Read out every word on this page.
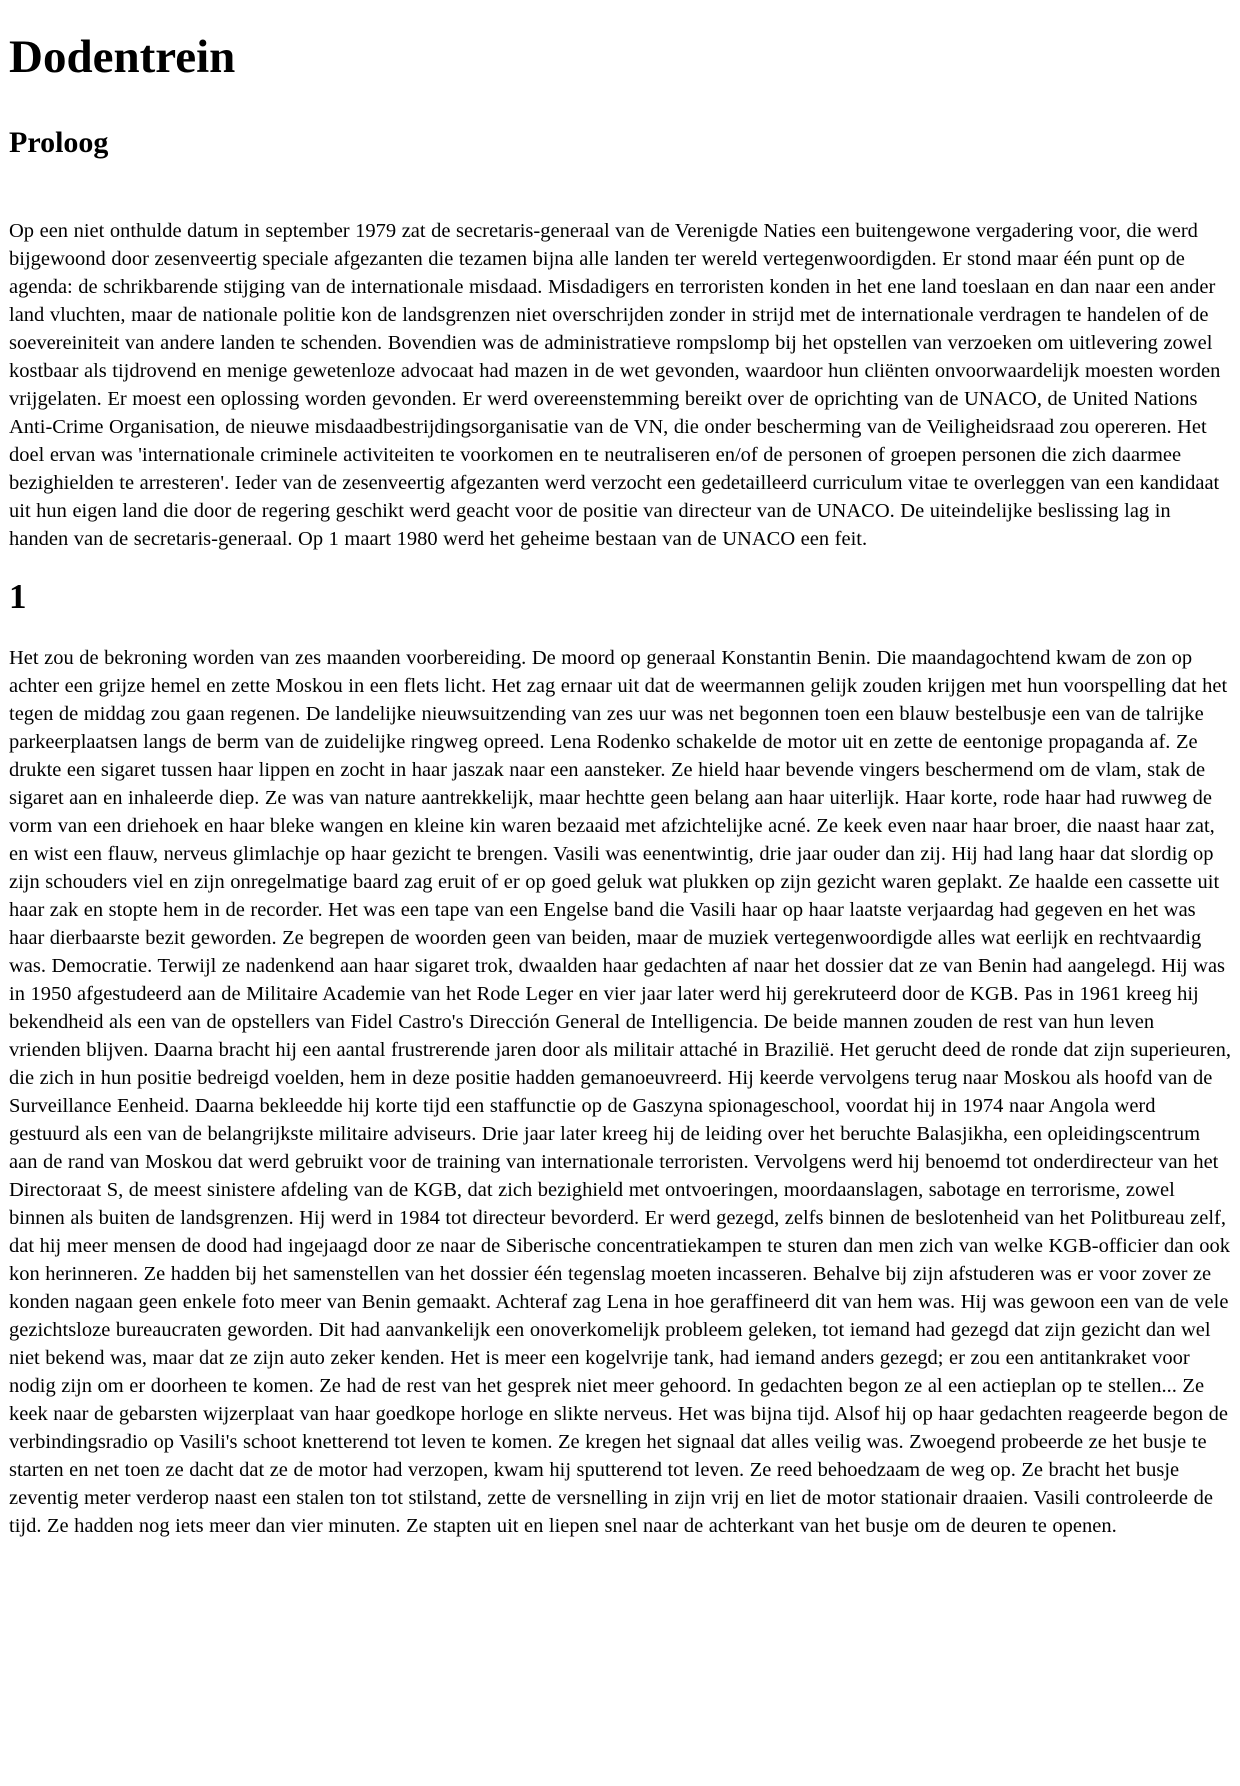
Dodentrein
Proloog

Op een niet onthulde datum in september 1979 zat de secretaris-generaal van de Verenigde Naties een buitengewone vergadering voor, die werd bijgewoond door zesenveertig speciale afgezanten die tezamen bijna alle landen ter wereld vertegenwoordigden. Er stond maar één punt op de agenda: de schrikbarende stijging van de internationale misdaad. Misdadigers en terroristen konden in het ene land toeslaan en dan naar een ander land vluchten, maar de nationale politie kon de landsgrenzen niet overschrijden zonder in strijd met de internationale verdragen te handelen of de soevereiniteit van andere landen te schenden. Bovendien was de administratieve rompslomp bij het opstellen van verzoeken om uitlevering zowel kostbaar als tijdrovend en menige gewetenloze advocaat had mazen in de wet gevonden, waardoor hun cliënten onvoorwaardelijk moesten worden vrijgelaten. Er moest een oplossing worden gevonden. Er werd overeenstemming bereikt over de oprichting van de UNACO, de United Nations Anti-Crime Organisation, de nieuwe misdaadbestrijdingsorganisatie van de VN, die onder bescherming van de Veiligheidsraad zou opereren. Het doel ervan was 'internationale criminele activiteiten te voorkomen en te neutraliseren en/of de personen of groepen personen die zich daarmee bezighielden te arresteren'. Ieder van de zesenveertig afgezanten werd verzocht een gedetailleerd curriculum vitae te overleggen van een kandidaat uit hun eigen land die door de regering geschikt werd geacht voor de positie van directeur van de UNACO. De uiteindelijke beslissing lag in handen van de secretaris-generaal. Op 1 maart 1980 werd het geheime bestaan van de UNACO een feit.

1

Het zou de bekroning worden van zes maanden voorbereiding. De moord op generaal Konstantin Benin. Die maandagochtend kwam de zon op achter een grijze hemel en zette Moskou in een flets licht. Het zag ernaar uit dat de weermannen gelijk zouden krijgen met hun voorspelling dat het tegen de middag zou gaan regenen. De landelijke nieuwsuitzending van zes uur was net begonnen toen een blauw bestelbusje een van de talrijke parkeerplaatsen langs de berm van de zuidelijke ringweg opreed. Lena Rodenko schakelde de motor uit en zette de eentonige propaganda af. Ze drukte een sigaret tussen haar lippen en zocht in haar jaszak naar een aansteker. Ze hield haar bevende vingers beschermend om de vlam, stak de sigaret aan en inhaleerde diep. Ze was van nature aantrekkelijk, maar hechtte geen belang aan haar uiterlijk. Haar korte, rode haar had ruwweg de vorm van een driehoek en haar bleke wangen en kleine kin waren bezaaid met afzichtelijke acné. Ze keek even naar haar broer, die naast haar zat, en wist een flauw, nerveus glimlachje op haar gezicht te brengen. Vasili was eenentwintig, drie jaar ouder dan zij. Hij had lang haar dat slordig op zijn schouders viel en zijn onregelmatige baard zag eruit of er op goed geluk wat plukken op zijn gezicht waren geplakt. Ze haalde een cassette uit haar zak en stopte hem in de recorder. Het was een tape van een Engelse band die Vasili haar op haar laatste verjaardag had gegeven en het was haar dierbaarste bezit geworden. Ze begrepen de woorden geen van beiden, maar de muziek vertegenwoordigde alles wat eerlijk en rechtvaardig was. Democratie. Terwijl ze nadenkend aan haar sigaret trok, dwaalden haar gedachten af naar het dossier dat ze van Benin had aangelegd. Hij was in 1950 afgestudeerd aan de Militaire Academie van het Rode Leger en vier jaar later werd hij gerekruteerd door de KGB. Pas in 1961 kreeg hij bekendheid als een van de opstellers van Fidel Castro's Dirección General de Intelligencia. De beide mannen zouden de rest van hun leven vrienden blijven. Daarna bracht hij een aantal frustrerende jaren door als militair attaché in Brazilië. Het gerucht deed de ronde dat zijn superieuren, die zich in hun positie bedreigd voelden, hem in deze positie hadden gemanoeuvreerd. Hij keerde vervolgens terug naar Moskou als hoofd van de Surveillance Eenheid. Daarna bekleedde hij korte tijd een staffunctie op de Gaszyna spionageschool, voordat hij in 1974 naar Angola werd gestuurd als een van de belangrijkste militaire adviseurs. Drie jaar later kreeg hij de leiding over het beruchte Balasjikha, een opleidingscentrum aan de rand van Moskou dat werd gebruikt voor de training van internationale terroristen. Vervolgens werd hij benoemd tot onderdirecteur van het Directoraat S, de meest sinistere afdeling van de KGB, dat zich bezighield met ontvoeringen, moordaanslagen, sabotage en terrorisme, zowel binnen als buiten de landsgrenzen. Hij werd in 1984 tot directeur bevorderd. Er werd gezegd, zelfs binnen de beslotenheid van het Politbureau zelf, dat hij meer mensen de dood had ingejaagd door ze naar de Siberische concentratiekampen te sturen dan men zich van welke KGB-officier dan ook kon herinneren. Ze hadden bij het samenstellen van het dossier één tegenslag moeten incasseren. Behalve bij zijn afstuderen was er voor zover ze konden nagaan geen enkele foto meer van Benin gemaakt. Achteraf zag Lena in hoe geraffineerd dit van hem was. Hij was gewoon een van de vele gezichtsloze bureaucraten geworden. Dit had aanvankelijk een onoverkomelijk probleem geleken, tot iemand had gezegd dat zijn gezicht dan wel niet bekend was, maar dat ze zijn auto zeker kenden. Het is meer een kogelvrije tank, had iemand anders gezegd; er zou een antitankraket voor nodig zijn om er doorheen te komen. Ze had de rest van het gesprek niet meer gehoord. In gedachten begon ze al een actieplan op te stellen... Ze keek naar de gebarsten wijzerplaat van haar goedkope horloge en slikte nerveus. Het was bijna tijd. Alsof hij op haar gedachten reageerde begon de verbindingsradio op Vasili's schoot knetterend tot leven te komen. Ze kregen het signaal dat alles veilig was. Zwoegend probeerde ze het busje te starten en net toen ze dacht dat ze de motor had verzopen, kwam hij sputterend tot leven. Ze reed behoedzaam de weg op. Ze bracht het busje zeventig meter verderop naast een stalen ton tot stilstand, zette de versnelling in zijn vrij en liet de motor stationair draaien. Vasili controleerde de tijd. Ze hadden nog iets meer dan vier minuten. Ze stapten uit en liepen snel naar de achterkant van het busje om de deuren te openen.
